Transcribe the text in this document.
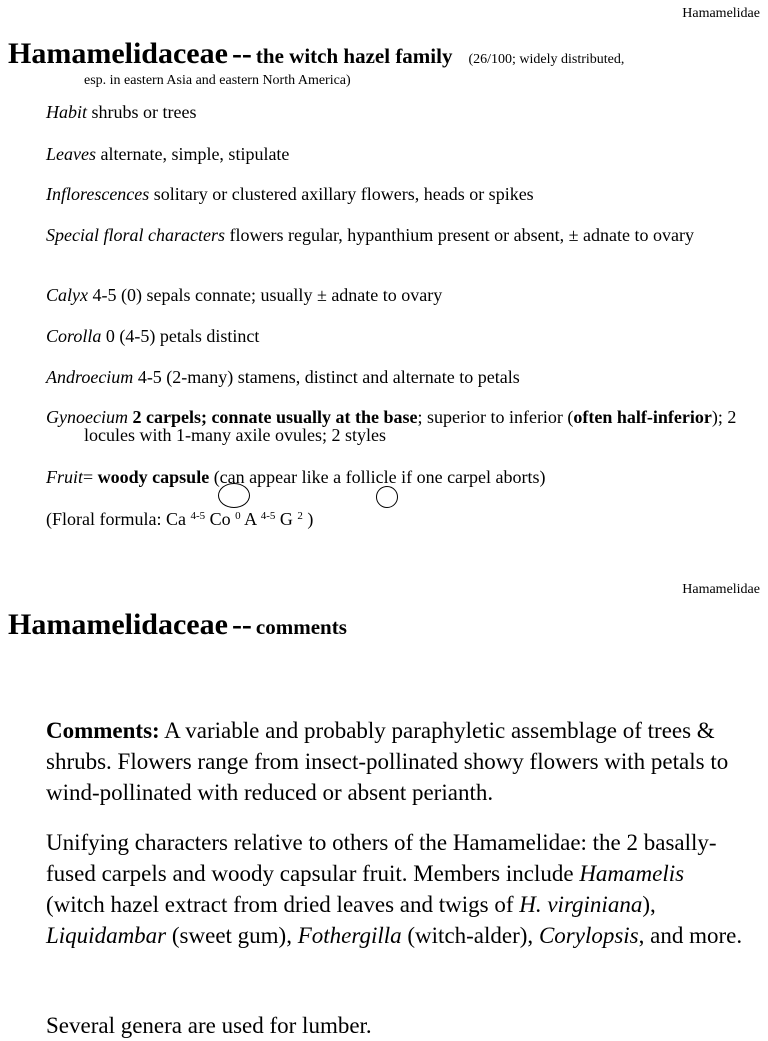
Hamamelidae
Hamamelidaceae -- the witch hazel family (26/100; widely distributed,
esp. in eastern Asia and eastern North America)
Habit shrubs or trees
Leaves alternate, simple, stipulate
Inflorescences solitary or clustered axillary flowers, heads or spikes
Special floral characters flowers regular, hypanthium present or absent, ± adnate to ovary
Calyx 4-5 (0) sepals connate; usually ± adnate to ovary
Corolla 0 (4-5) petals distinct
Androecium 4-5 (2-many) stamens, distinct and alternate to petals
Gynoecium 2 carpels; connate usually at the base; superior to inferior (often half-inferior); 2 locules with 1-many axile ovules; 2 styles
Fruit= woody capsule (can appear like a follicle if one carpel aborts)
(Floral formula: Ca $^{4-5}$ Co $^0$ A $^{4-5}$ G $^2$ )
Hamamelidae
Hamamelidaceae -- comments
Comments: A variable and probably paraphyletic assemblage of trees & shrubs. Flowers range from insect-pollinated showy flowers with petals to wind-pollinated with reduced or absent perianth.
Unifying characters relative to others of the Hamamelidae: the 2 basally-fused carpels and woody capsular fruit. Members include Hamamelis (witch hazel extract from dried leaves and twigs of H. virginiana), Liquidambar (sweet gum), Fothergilla (witch-alder), Corylopsis, and more.
Several genera are used for lumber.
